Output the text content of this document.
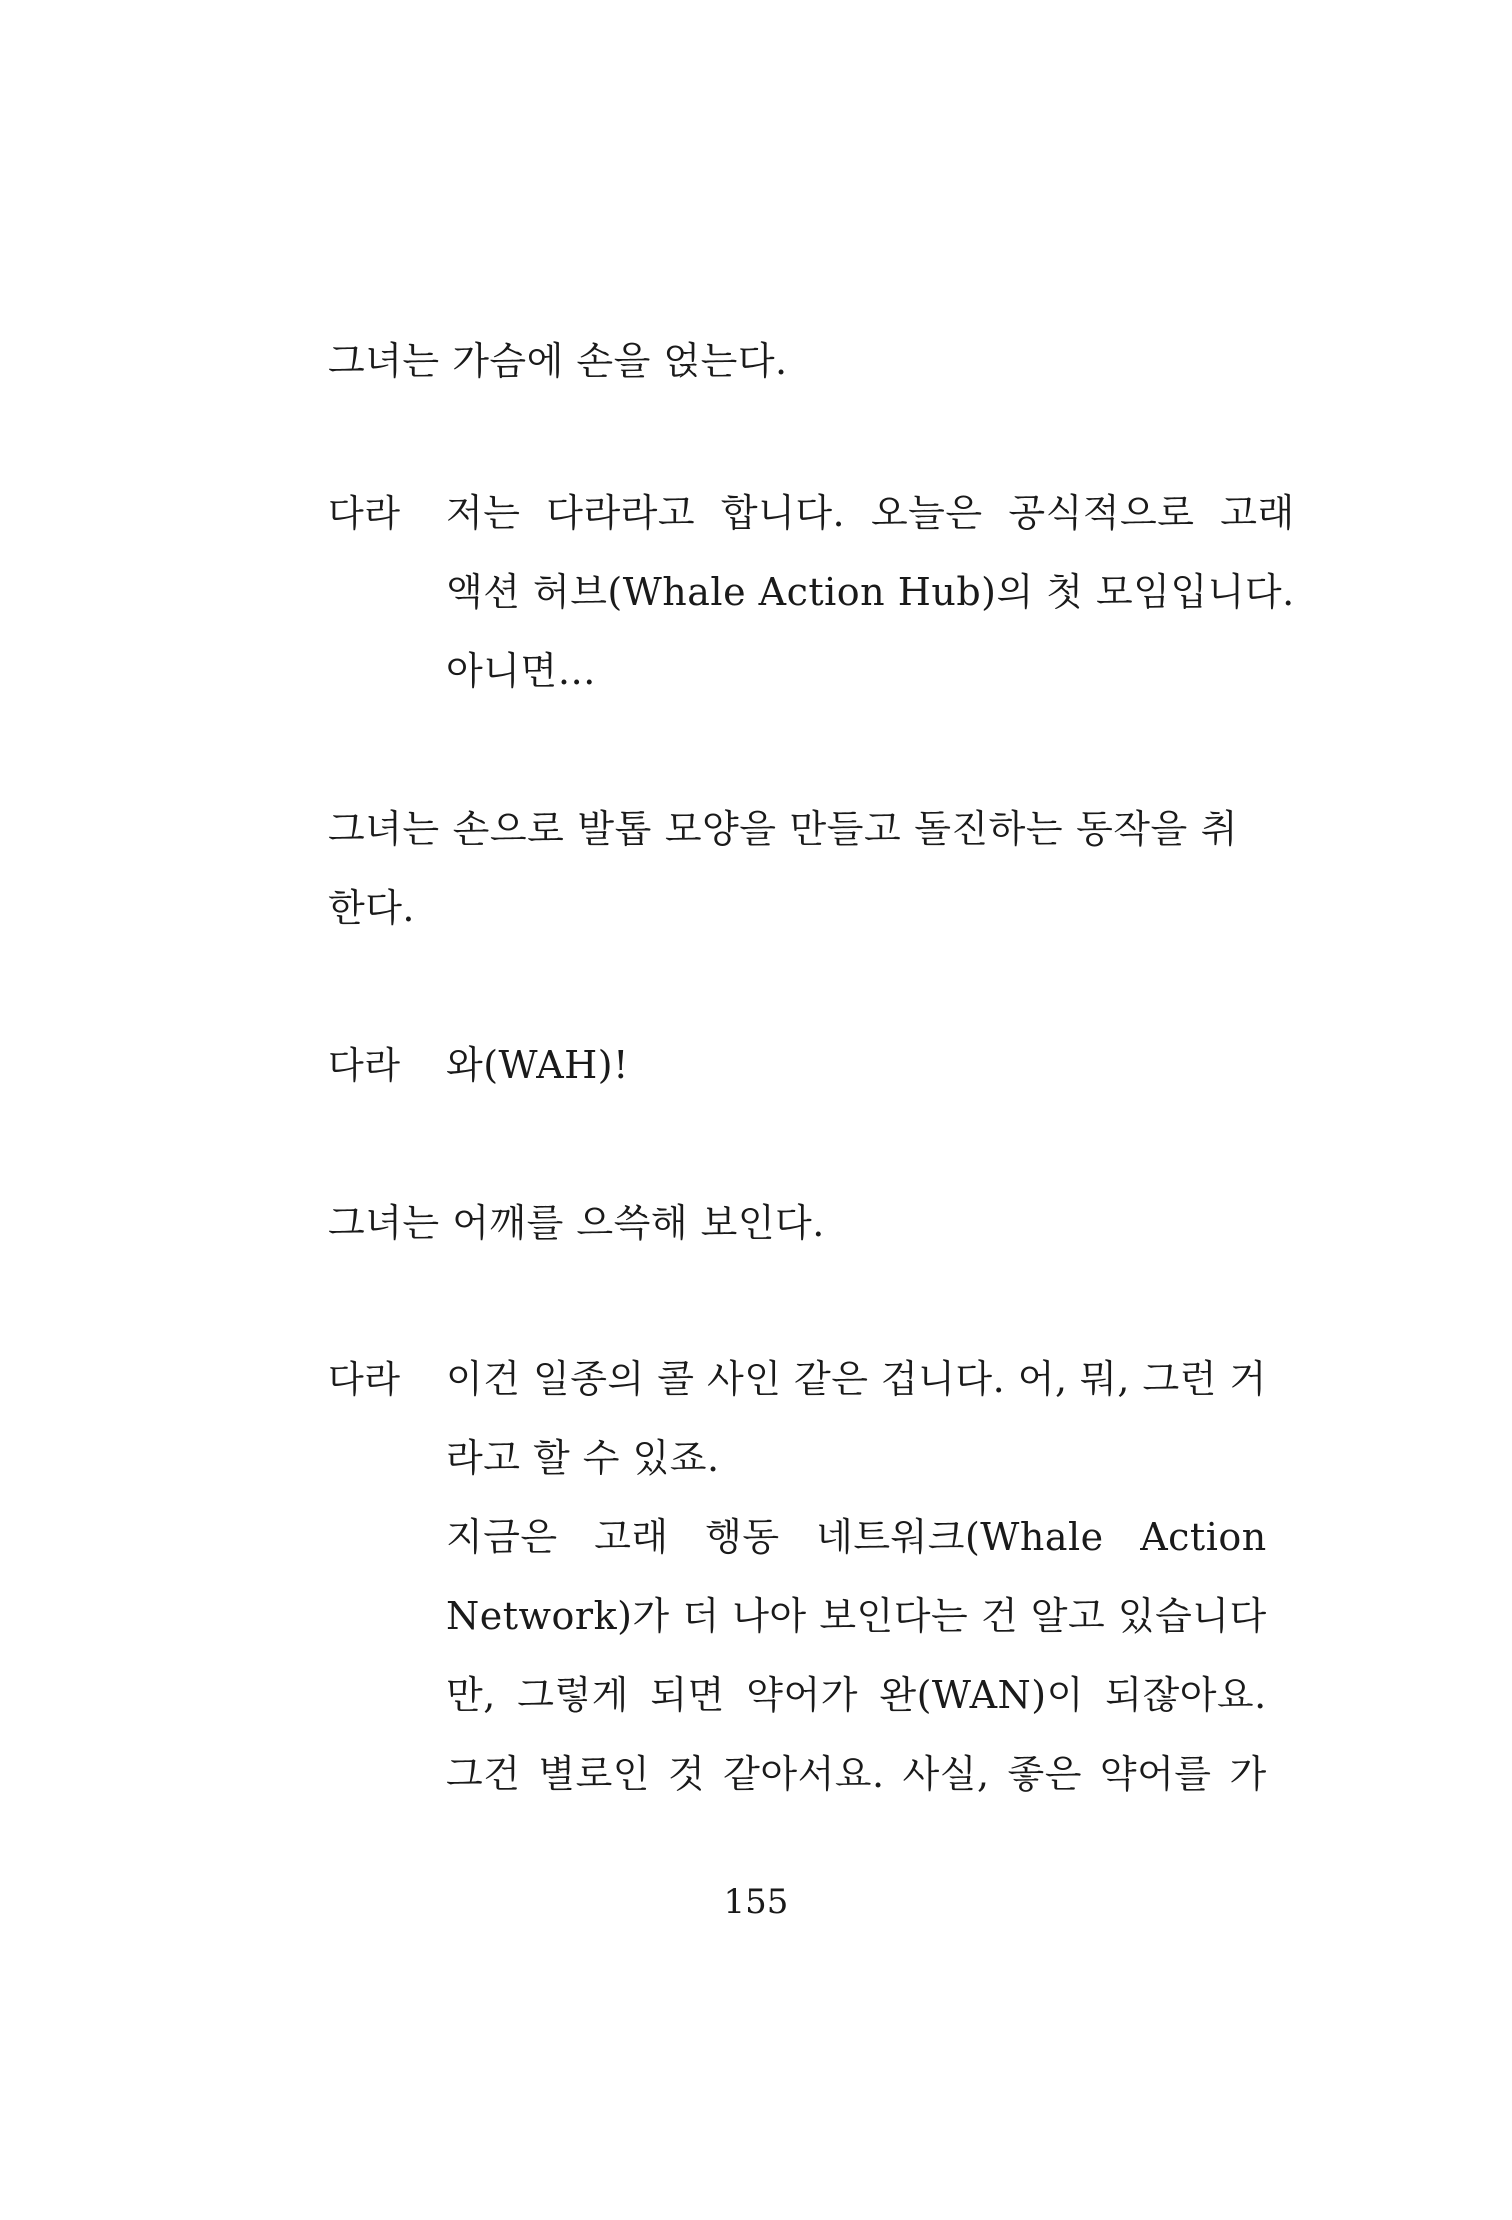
그녀는 가슴에 손을 얹는다.
다라	저는 다라라고 합니다. 오늘은 공식적으로 고래
액션 허브(Whale Action Hub)의 첫 모임입니다.
아니면…
그녀는 손으로 발톱 모양을 만들고 돌진하는 동작을 취
한다.
다라	와(WAH)!
그녀는 어깨를 으쓱해 보인다.
다라	이건 일종의 콜 사인 같은 겁니다. 어, 뭐, 그런 거
라고 할 수 있죠.
지금은 고래 행동 네트워크(Whale Action
Network)가 더 나아 보인다는 건 알고 있습니다
만, 그렇게 되면 약어가 완(WAN)이 되잖아요.
그건 별로인 것 같아서요. 사실, 좋은 약어를 가
155
